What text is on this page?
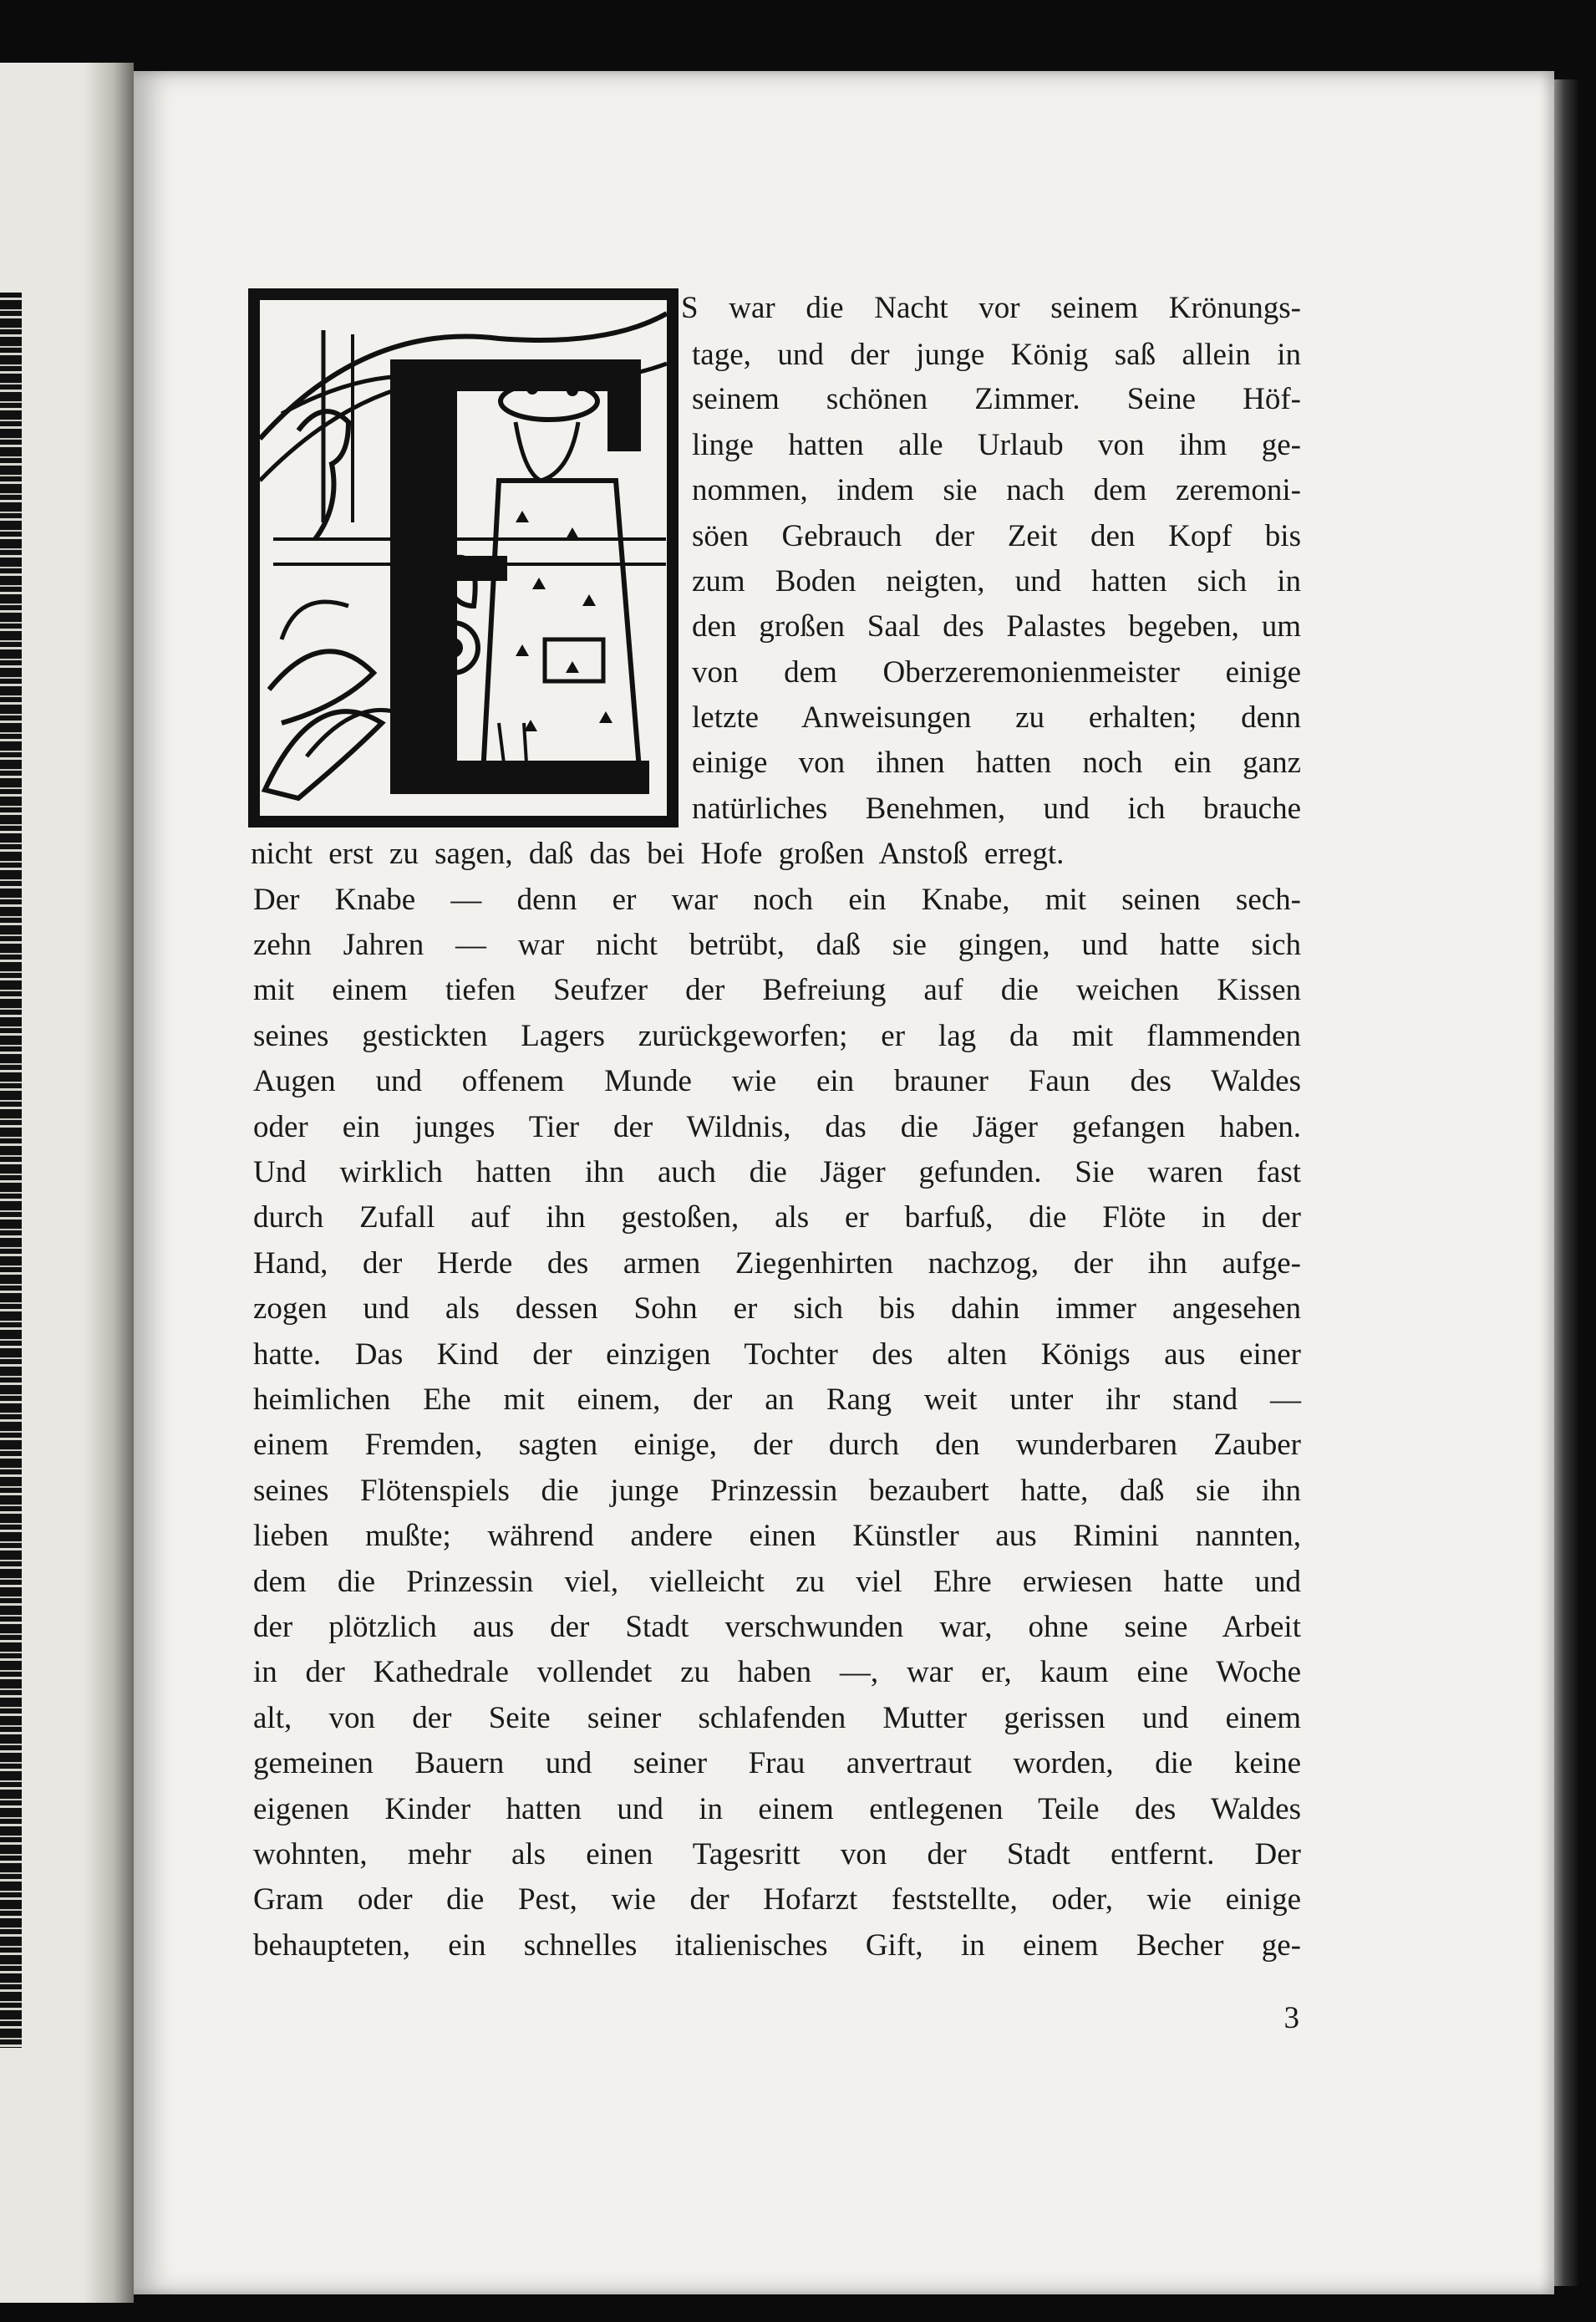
S war die Nacht vor seinem Krönungs-
tage, und der junge König saß allein in
seinem schönen Zimmer. Seine Höf-
linge hatten alle Urlaub von ihm ge-
nommen, indem sie nach dem zeremoni-
söen Gebrauch der Zeit den Kopf bis
zum Boden neigten, und hatten sich in
den großen Saal des Palastes begeben, um
von dem Oberzeremonienmeister einige
letzte Anweisungen zu erhalten; denn
einige von ihnen hatten noch ein ganz
natürliches Benehmen, und ich brauche
nicht erst zu sagen, daß das bei Hofe großen Anstoß erregt.
Der Knabe — denn er war noch ein Knabe, mit seinen sech-
zehn Jahren — war nicht betrübt, daß sie gingen, und hatte sich
mit einem tiefen Seufzer der Befreiung auf die weichen Kissen
seines gestickten Lagers zurückgeworfen; er lag da mit flammenden
Augen und offenem Munde wie ein brauner Faun des Waldes
oder ein junges Tier der Wildnis, das die Jäger gefangen haben.
Und wirklich hatten ihn auch die Jäger gefunden. Sie waren fast
durch Zufall auf ihn gestoßen, als er barfuß, die Flöte in der
Hand, der Herde des armen Ziegenhirten nachzog, der ihn aufge-
zogen und als dessen Sohn er sich bis dahin immer angesehen
hatte. Das Kind der einzigen Tochter des alten Königs aus einer
heimlichen Ehe mit einem, der an Rang weit unter ihr stand —
einem Fremden, sagten einige, der durch den wunderbaren Zauber
seines Flötenspiels die junge Prinzessin bezaubert hatte, daß sie ihn
lieben mußte; während andere einen Künstler aus Rimini nannten,
dem die Prinzessin viel, vielleicht zu viel Ehre erwiesen hatte und
der plötzlich aus der Stadt verschwunden war, ohne seine Arbeit
in der Kathedrale vollendet zu haben —, war er, kaum eine Woche
alt, von der Seite seiner schlafenden Mutter gerissen und einem
gemeinen Bauern und seiner Frau anvertraut worden, die keine
eigenen Kinder hatten und in einem entlegenen Teile des Waldes
wohnten, mehr als einen Tagesritt von der Stadt entfernt. Der
Gram oder die Pest, wie der Hofarzt feststellte, oder, wie einige
behaupteten, ein schnelles italienisches Gift, in einem Becher ge-
3
